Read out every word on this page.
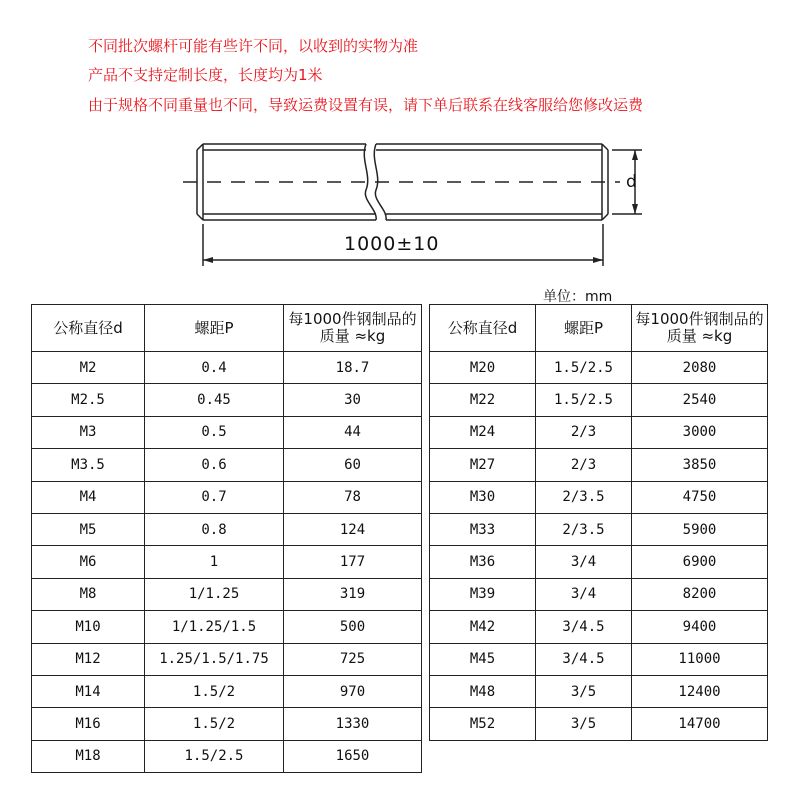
不同批次螺杆可能有些许不同，以收到的实物为准
产品不支持定制长度，长度均为1米
由于规格不同重量也不同，导致运费设置有误，请下单后联系在线客服给您修改运费
1000±10
d
单位：mm
公称直径d	螺距P	每1000件钢制品的质量 ≈kg
M2	0.4	18.7
M2.5	0.45	30
M3	0.5	44
M3.5	0.6	60
M4	0.7	78
M5	0.8	124
M6	1	177
M8	1/1.25	319
M10	1/1.25/1.5	500
M12	1.25/1.5/1.75	725
M14	1.5/2	970
M16	1.5/2	1330
M18	1.5/2.5	1650
公称直径d	螺距P	每1000件钢制品的质量 ≈kg
M20	1.5/2.5	2080
M22	1.5/2.5	2540
M24	2/3	3000
M27	2/3	3850
M30	2/3.5	4750
M33	2/3.5	5900
M36	3/4	6900
M39	3/4	8200
M42	3/4.5	9400
M45	3/4.5	11000
M48	3/5	12400
M52	3/5	14700
